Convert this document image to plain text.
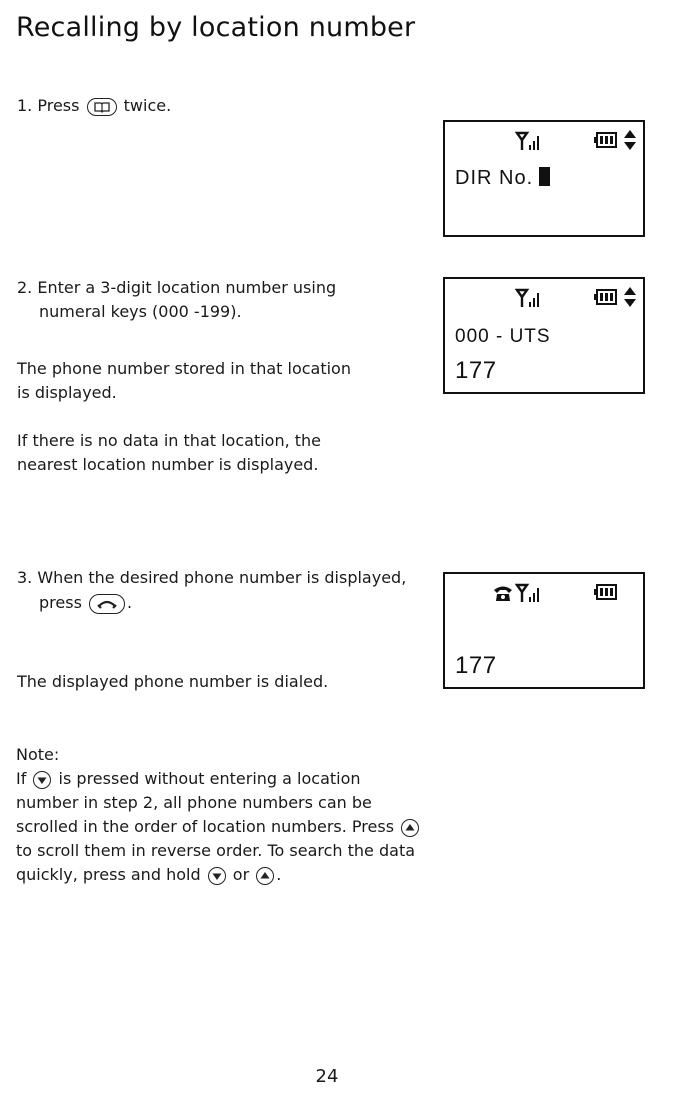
Recalling by location number
1. Press	twice.
DIR No.
2. Enter a 3-digit location number using
numeral keys (000 -199).
The phone number stored in that location
is displayed.
If there is no data in that location, the
nearest location number is displayed.
000 - UTS
177
3. When the desired phone number is displayed,
press	.
The displayed phone number is dialed.
177
Note:
If is pressed without entering a location
number in step 2, all phone numbers can be
scrolled in the order of location numbers. Press
to scroll them in reverse order. To search the data
quickly, press and hold or .
24
